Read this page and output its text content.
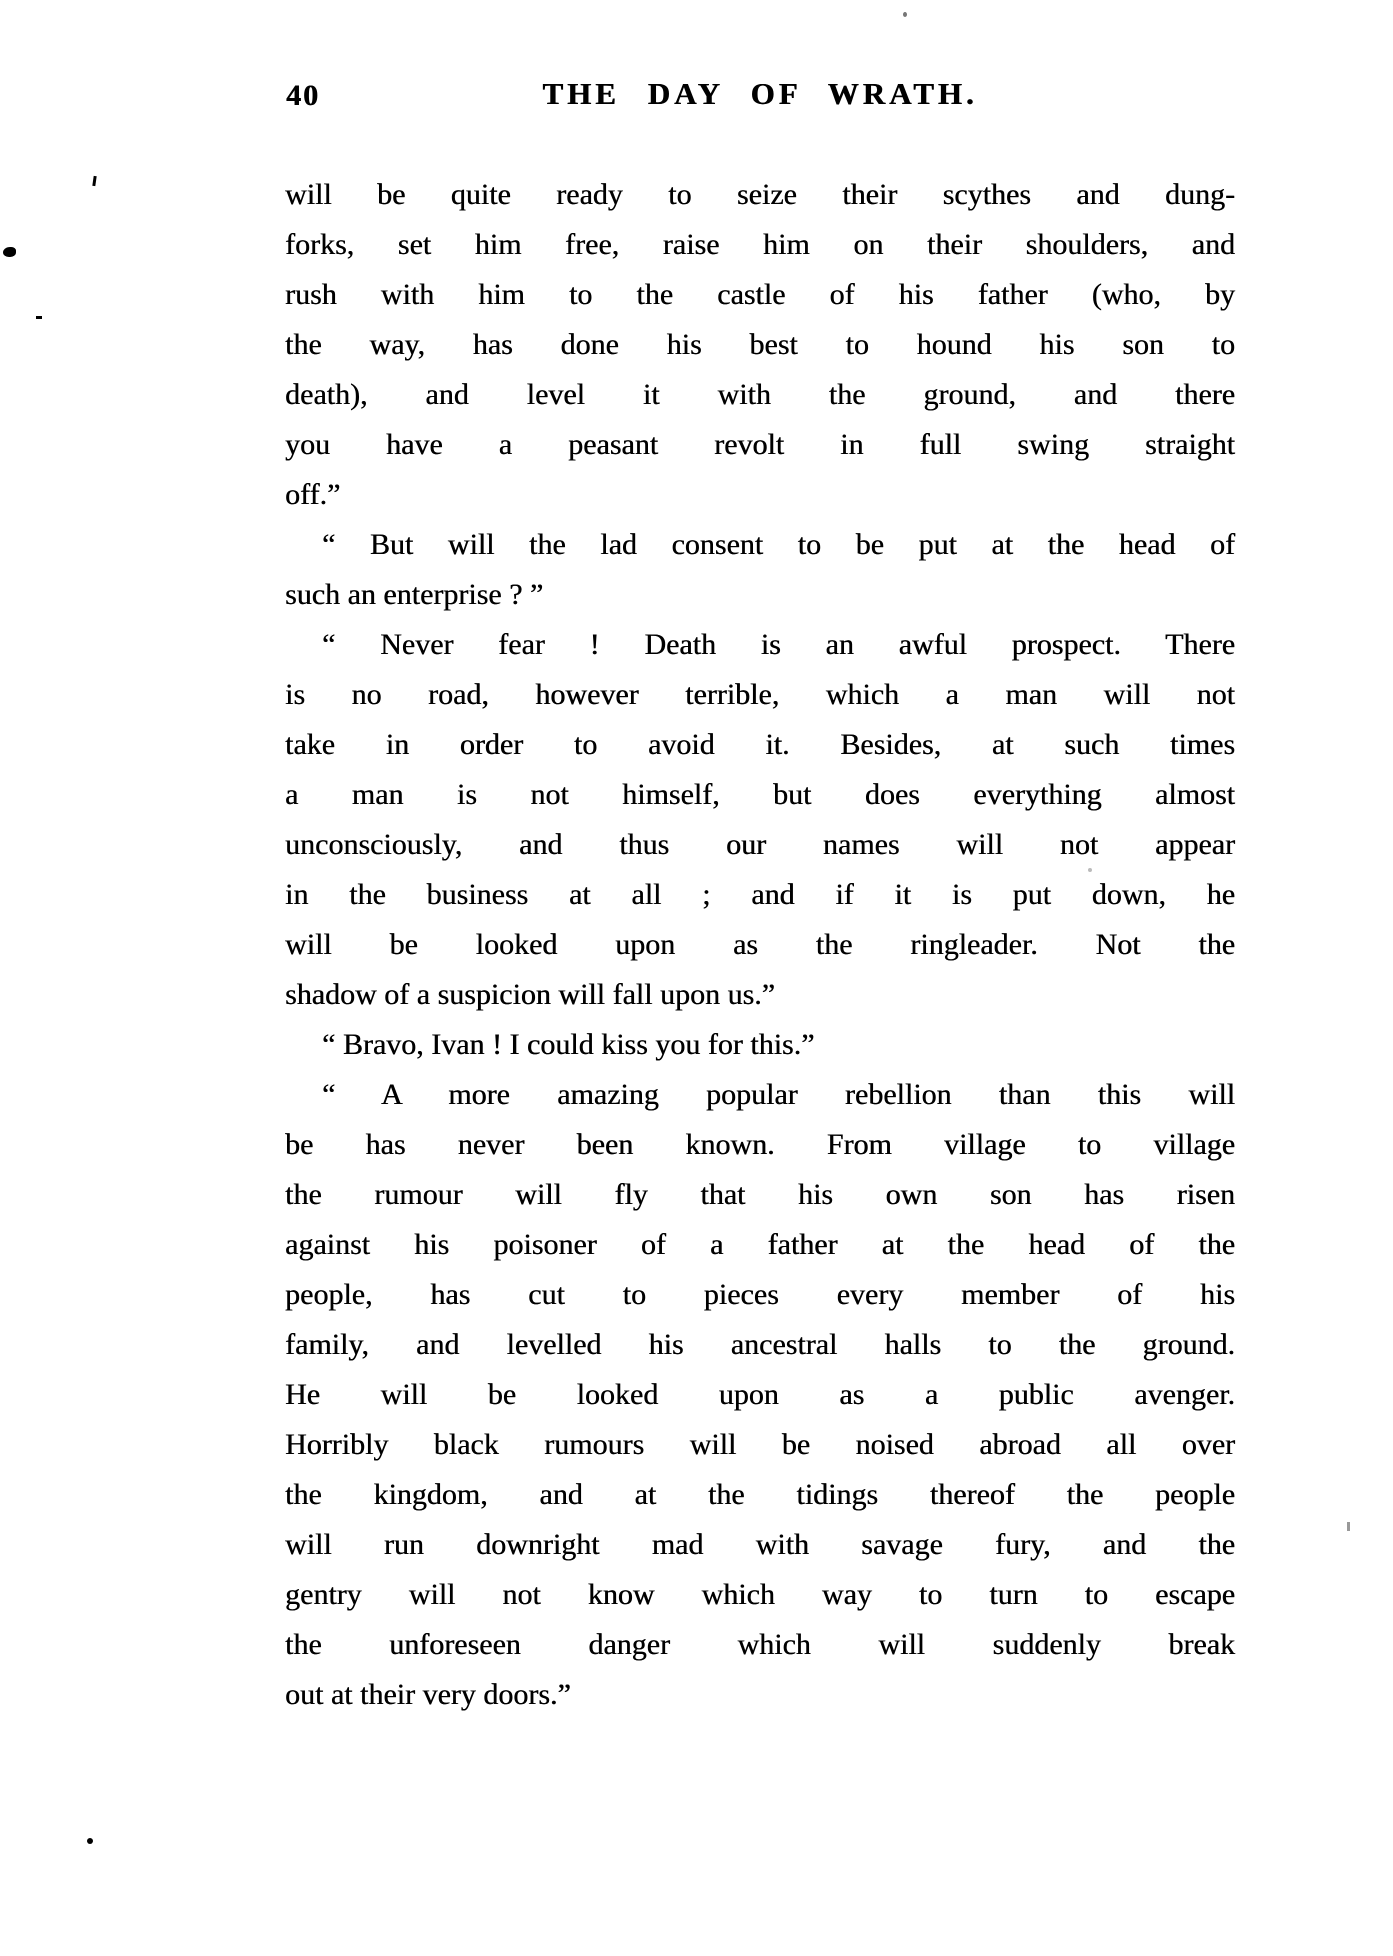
40	THE DAY OF WRATH.
will be quite ready to seize their scythes and dung-
forks, set him free, raise him on their shoulders, and
rush with him to the castle of his father (who, by
the way, has done his best to hound his son to
death), and level it with the ground, and there
you have a peasant revolt in full swing straight
off.”
“ But will the lad consent to be put at the head of
such an enterprise ? ”
“ Never fear ! Death is an awful prospect. There
is no road, however terrible, which a man will not
take in order to avoid it. Besides, at such times
a man is not himself, but does everything almost
unconsciously, and thus our names will not appear
in the business at all ; and if it is put down, he
will be looked upon as the ringleader. Not the
shadow of a suspicion will fall upon us.”
“ Bravo, Ivan ! I could kiss you for this.”
“ A more amazing popular rebellion than this will
be has never been known. From village to village
the rumour will fly that his own son has risen
against his poisoner of a father at the head of the
people, has cut to pieces every member of his
family, and levelled his ancestral halls to the ground.
He will be looked upon as a public avenger.
Horribly black rumours will be noised abroad all over
the kingdom, and at the tidings thereof the people
will run downright mad with savage fury, and the
gentry will not know which way to turn to escape
the unforeseen danger which will suddenly break
out at their very doors.”
